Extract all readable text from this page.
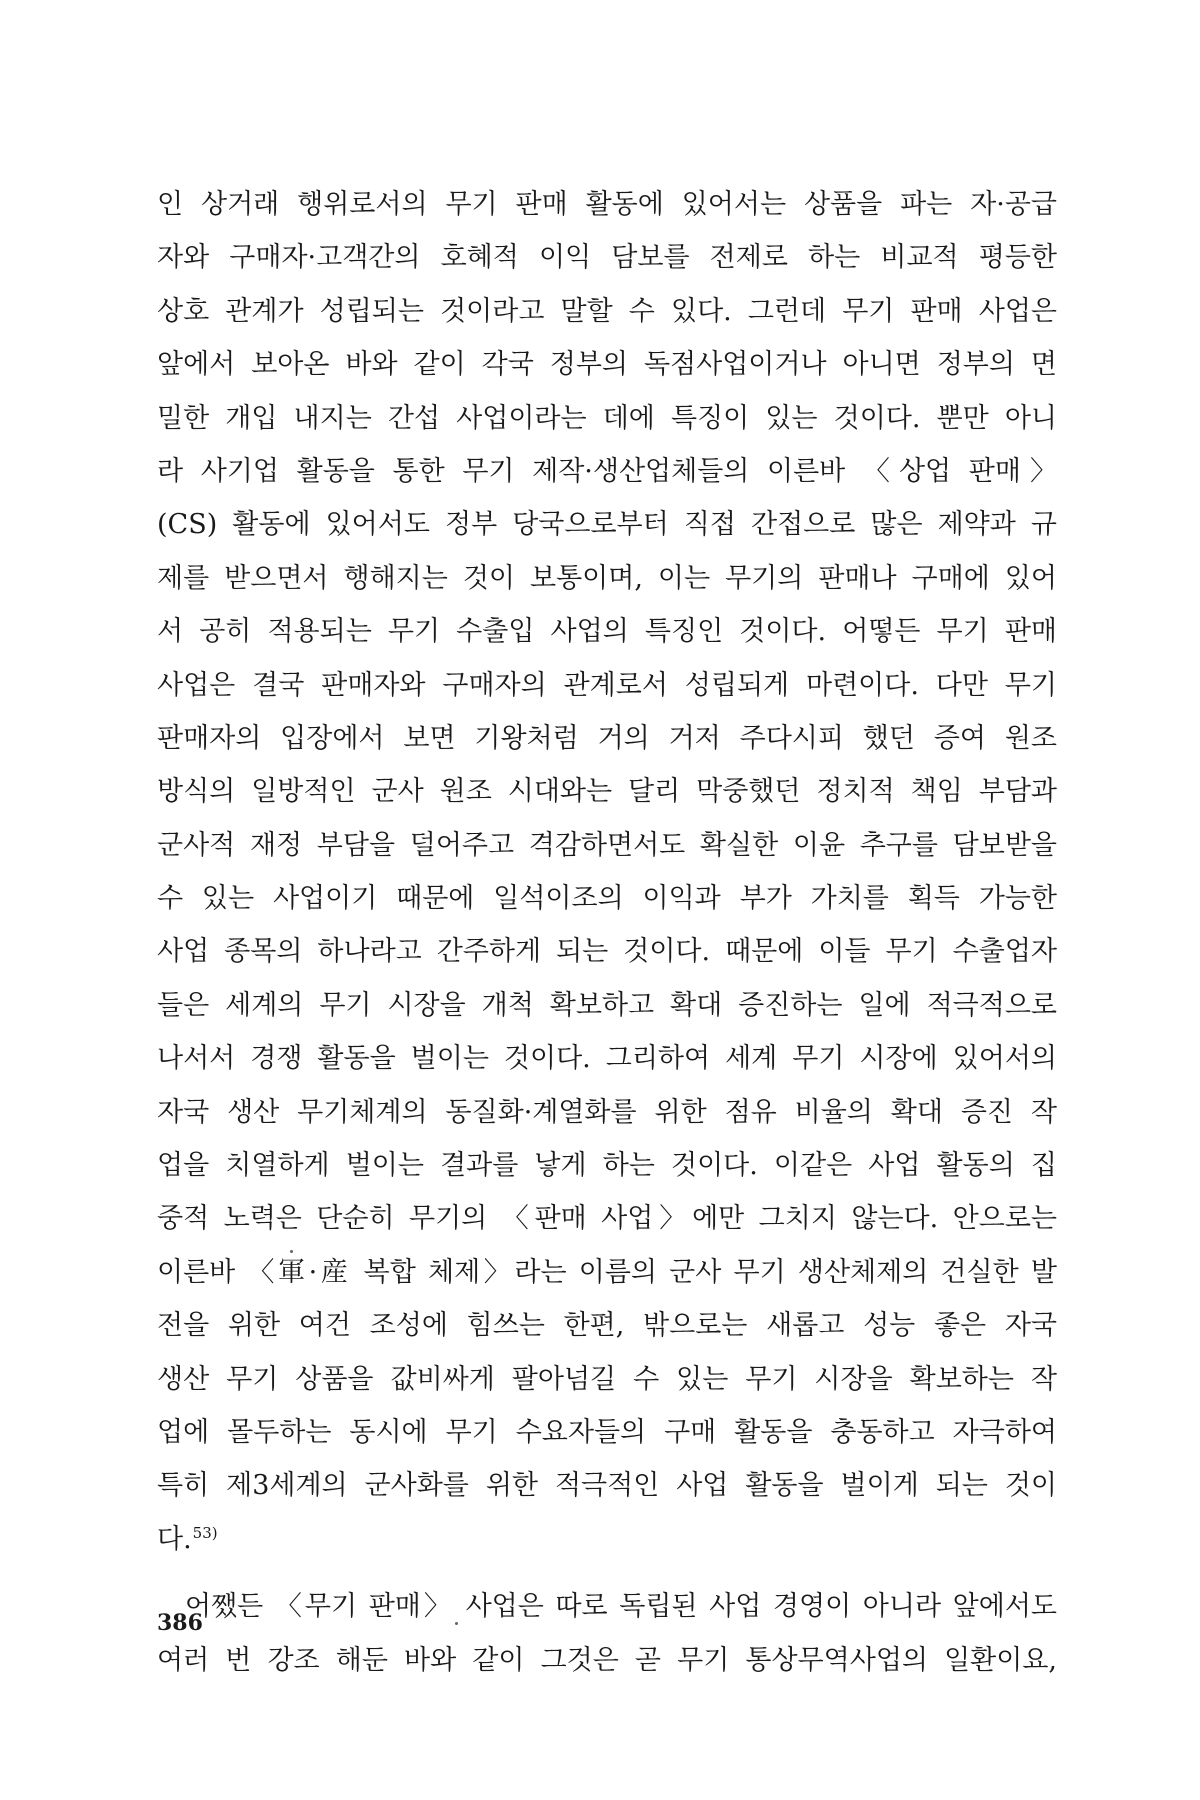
인 상거래 행위로서의 무기 판매 활동에 있어서는 상품을 파는 자·공급
자와 구매자·고객간의 호혜적 이익 담보를 전제로 하는 비교적 평등한
상호 관계가 성립되는 것이라고 말할 수 있다. 그런데 무기 판매 사업은
앞에서 보아온 바와 같이 각국 정부의 독점사업이거나 아니면 정부의 면
밀한 개입 내지는 간섭 사업이라는 데에 특징이 있는 것이다. 뿐만 아니
라 사기업 활동을 통한 무기 제작·생산업체들의 이른바 〈상업 판매〉
(CS) 활동에 있어서도 정부 당국으로부터 직접 간접으로 많은 제약과 규
제를 받으면서 행해지는 것이 보통이며, 이는 무기의 판매나 구매에 있어
서 공히 적용되는 무기 수출입 사업의 특징인 것이다. 어떻든 무기 판매
사업은 결국 판매자와 구매자의 관계로서 성립되게 마련이다. 다만 무기
판매자의 입장에서 보면 기왕처럼 거의 거저 주다시피 했던 증여 원조
방식의 일방적인 군사 원조 시대와는 달리 막중했던 정치적 책임 부담과
군사적 재정 부담을 덜어주고 격감하면서도 확실한 이윤 추구를 담보받을
수 있는 사업이기 때문에 일석이조의 이익과 부가 가치를 획득 가능한
사업 종목의 하나라고 간주하게 되는 것이다. 때문에 이들 무기 수출업자
들은 세계의 무기 시장을 개척 확보하고 확대 증진하는 일에 적극적으로
나서서 경쟁 활동을 벌이는 것이다. 그리하여 세계 무기 시장에 있어서의
자국 생산 무기체계의 동질화·계열화를 위한 점유 비율의 확대 증진 작
업을 치열하게 벌이는 결과를 낳게 하는 것이다. 이같은 사업 활동의 집
중적 노력은 단순히 무기의 〈판매 사업〉에만 그치지 않는다. 안으로는
이른바 〈軍·産 복합 체제〉라는 이름의 군사 무기 생산체제의 건실한 발
전을 위한 여건 조성에 힘쓰는 한편, 밖으로는 새롭고 성능 좋은 자국
생산 무기 상품을 값비싸게 팔아넘길 수 있는 무기 시장을 확보하는 작
업에 몰두하는 동시에 무기 수요자들의 구매 활동을 충동하고 자극하여
특히 제3세계의 군사화를 위한 적극적인 사업 활동을 벌이게 되는 것이
다.$^{53)}$
어쨌든 〈무기 판매〉 사업은 따로 독립된 사업 경영이 아니라 앞에서도
여러 번 강조 해둔 바와 같이 그것은 곧 무기 통상무역사업의 일환이요,
386
